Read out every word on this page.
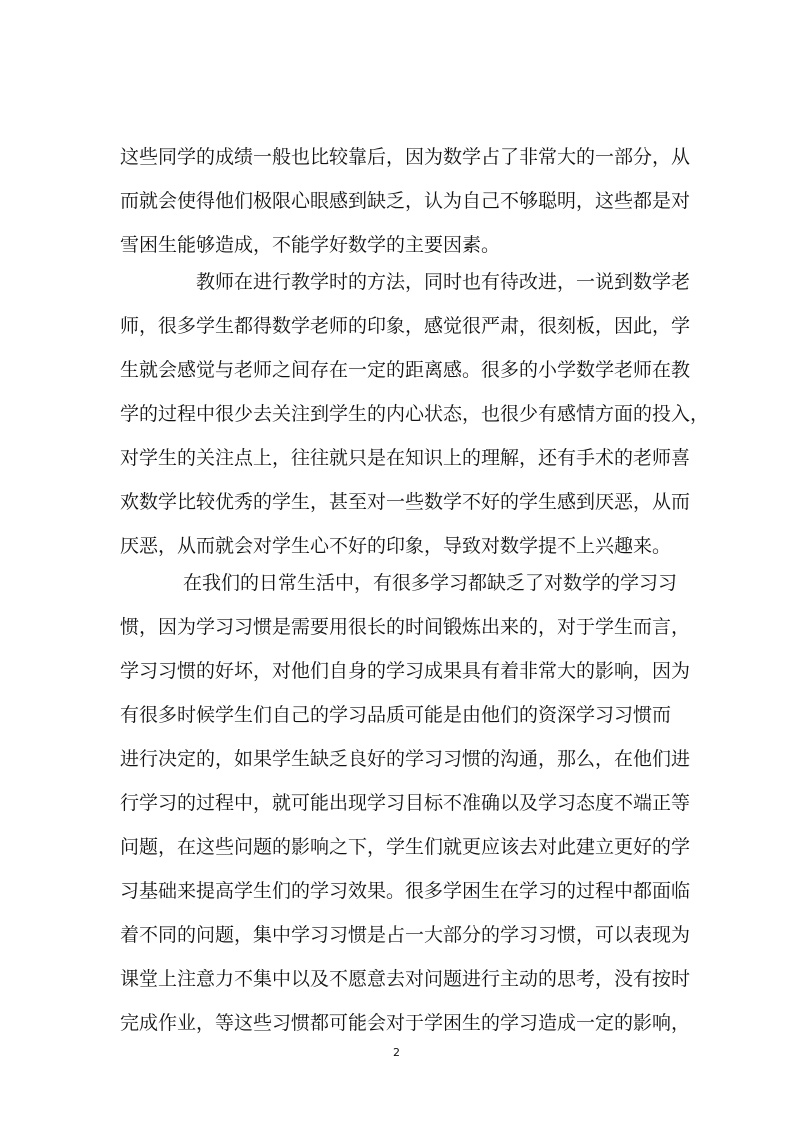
这些同学的成绩一般也比较靠后，因为数学占了非常大的一部分，从
而就会使得他们极限心眼感到缺乏，认为自己不够聪明，这些都是对
雪困生能够造成，不能学好数学的主要因素。
教师在进行教学时的方法，同时也有待改进，一说到数学老
师，很多学生都得数学老师的印象，感觉很严肃，很刻板，因此，学
生就会感觉与老师之间存在一定的距离感。很多的小学数学老师在教
学的过程中很少去关注到学生的内心状态，也很少有感情方面的投入，
对学生的关注点上，往往就只是在知识上的理解，还有手术的老师喜
欢数学比较优秀的学生，甚至对一些数学不好的学生感到厌恶，从而
厌恶，从而就会对学生心不好的印象，导致对数学提不上兴趣来。
在我们的日常生活中，有很多学习都缺乏了对数学的学习习
惯，因为学习习惯是需要用很长的时间锻炼出来的，对于学生而言，
学习习惯的好坏，对他们自身的学习成果具有着非常大的影响，因为
有很多时候学生们自己的学习品质可能是由他们的资深学习习惯而
进行决定的，如果学生缺乏良好的学习习惯的沟通，那么，在他们进
行学习的过程中，就可能出现学习目标不准确以及学习态度不端正等
问题，在这些问题的影响之下，学生们就更应该去对此建立更好的学
习基础来提高学生们的学习效果。很多学困生在学习的过程中都面临
着不同的问题，集中学习习惯是占一大部分的学习习惯，可以表现为
课堂上注意力不集中以及不愿意去对问题进行主动的思考，没有按时
完成作业，等这些习惯都可能会对于学困生的学习造成一定的影响，
2
